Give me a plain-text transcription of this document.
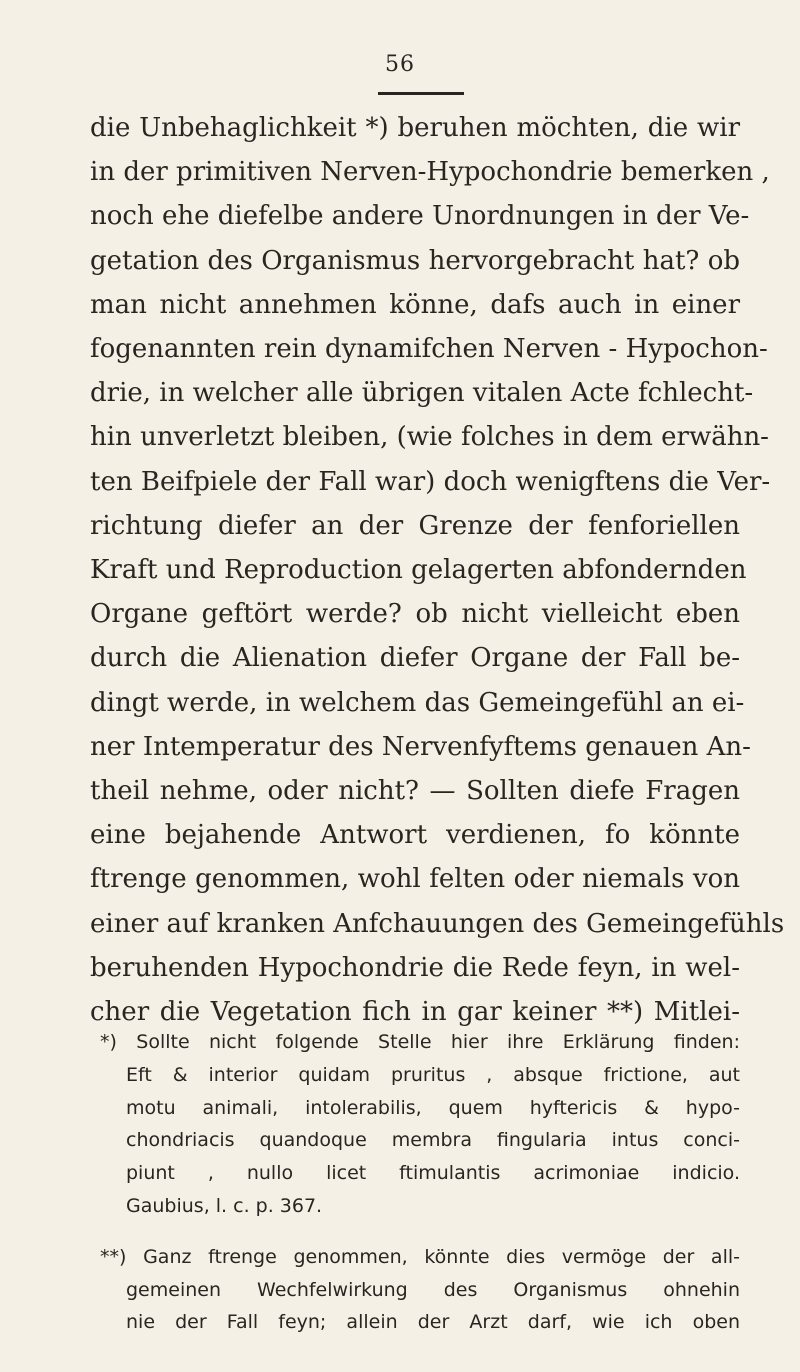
56
die Unbehaglichkeit *) beruhen möchten, die wir
in der primitiven Nerven-Hypochondrie bemerken ,
noch ehe diefelbe andere Unordnungen in der Ve-
getation des Organismus hervorgebracht hat? ob
man nicht annehmen könne, dafs auch in einer
fogenannten rein dynamifchen Nerven - Hypochon-
drie, in welcher alle übrigen vitalen Acte fchlecht-
hin unverletzt bleiben, (wie folches in dem erwähn-
ten Beifpiele der Fall war) doch wenigftens die Ver-
richtung diefer an der Grenze der fenforiellen
Kraft und Reproduction gelagerten abfondernden
Organe geftört werde? ob nicht vielleicht eben
durch die Alienation diefer Organe der Fall be-
dingt werde, in welchem das Gemeingefühl an ei-
ner Intemperatur des Nervenfyftems genauen An-
theil nehme, oder nicht? — Sollten diefe Fragen
eine bejahende Antwort verdienen, fo könnte
ftrenge genommen, wohl felten oder niemals von
einer auf kranken Anfchauungen des Gemeingefühls
beruhenden Hypochondrie die Rede feyn, in wel-
cher die Vegetation fich in gar keiner **) Mitlei-
*) Sollte nicht folgende Stelle hier ihre Erklärung finden:
Eft & interior quidam pruritus , absque frictione, aut
motu animali, intolerabilis, quem hyftericis & hypo-
chondriacis quandoque membra fingularia intus conci-
piunt , nullo licet ftimulantis acrimoniae indicio.
Gaubius, l. c. p. 367.
**) Ganz ftrenge genommen, könnte dies vermöge der all-
gemeinen Wechfelwirkung des Organismus ohnehin
nie der Fall feyn; allein der Arzt darf, wie ich oben
